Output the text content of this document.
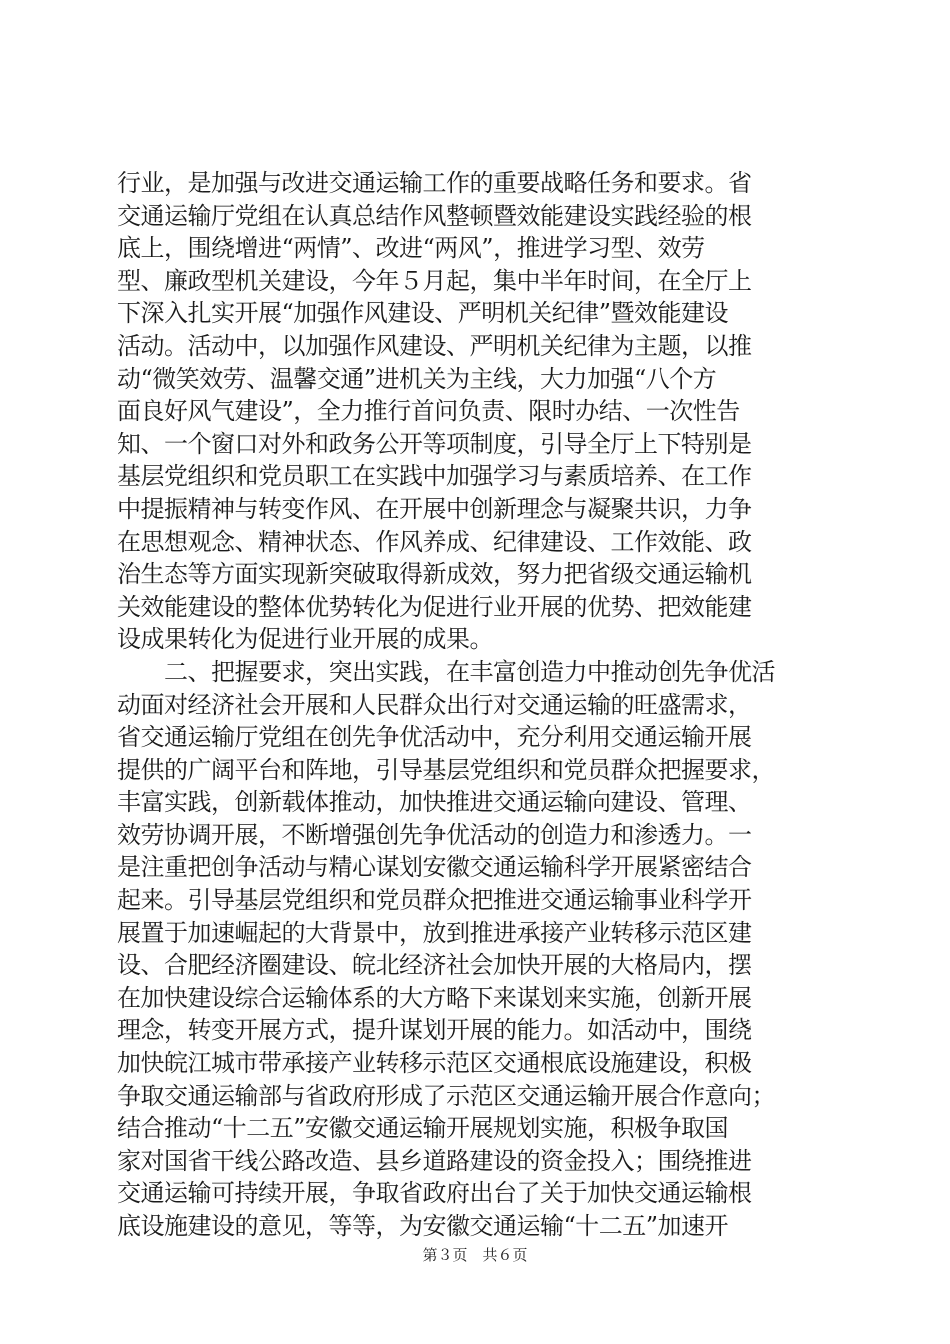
行业，是加强与改进交通运输工作的重要战略任务和要求。省
交通运输厅党组在认真总结作风整顿暨效能建设实践经验的根
底上，围绕增进“两情”、改进“两风”，推进学习型、效劳
型、廉政型机关建设，今年５月起，集中半年时间，在全厅上
下深入扎实开展“加强作风建设、严明机关纪律”暨效能建设
活动。活动中，以加强作风建设、严明机关纪律为主题，以推
动“微笑效劳、温馨交通”进机关为主线，大力加强“八个方
面良好风气建设”，全力推行首问负责、限时办结、一次性告
知、一个窗口对外和政务公开等项制度，引导全厅上下特别是
基层党组织和党员职工在实践中加强学习与素质培养、在工作
中提振精神与转变作风、在开展中创新理念与凝聚共识，力争
在思想观念、精神状态、作风养成、纪律建设、工作效能、政
治生态等方面实现新突破取得新成效，努力把省级交通运输机
关效能建设的整体优势转化为促进行业开展的优势、把效能建
设成果转化为促进行业开展的成果。
　　二、把握要求，突出实践，在丰富创造力中推动创先争优活
动面对经济社会开展和人民群众出行对交通运输的旺盛需求，
省交通运输厅党组在创先争优活动中，充分利用交通运输开展
提供的广阔平台和阵地，引导基层党组织和党员群众把握要求，
丰富实践，创新载体推动，加快推进交通运输向建设、管理、
效劳协调开展，不断增强创先争优活动的创造力和渗透力。一
是注重把创争活动与精心谋划安徽交通运输科学开展紧密结合
起来。引导基层党组织和党员群众把推进交通运输事业科学开
展置于加速崛起的大背景中，放到推进承接产业转移示范区建
设、合肥经济圈建设、皖北经济社会加快开展的大格局内，摆
在加快建设综合运输体系的大方略下来谋划来实施，创新开展
理念，转变开展方式，提升谋划开展的能力。如活动中，围绕
加快皖江城市带承接产业转移示范区交通根底设施建设，积极
争取交通运输部与省政府形成了示范区交通运输开展合作意向；
结合推动“十二五”安徽交通运输开展规划实施，积极争取国
家对国省干线公路改造、县乡道路建设的资金投入；围绕推进
交通运输可持续开展，争取省政府出台了关于加快交通运输根
底设施建设的意见，等等，为安徽交通运输“十二五”加速开
第３页　共６页
